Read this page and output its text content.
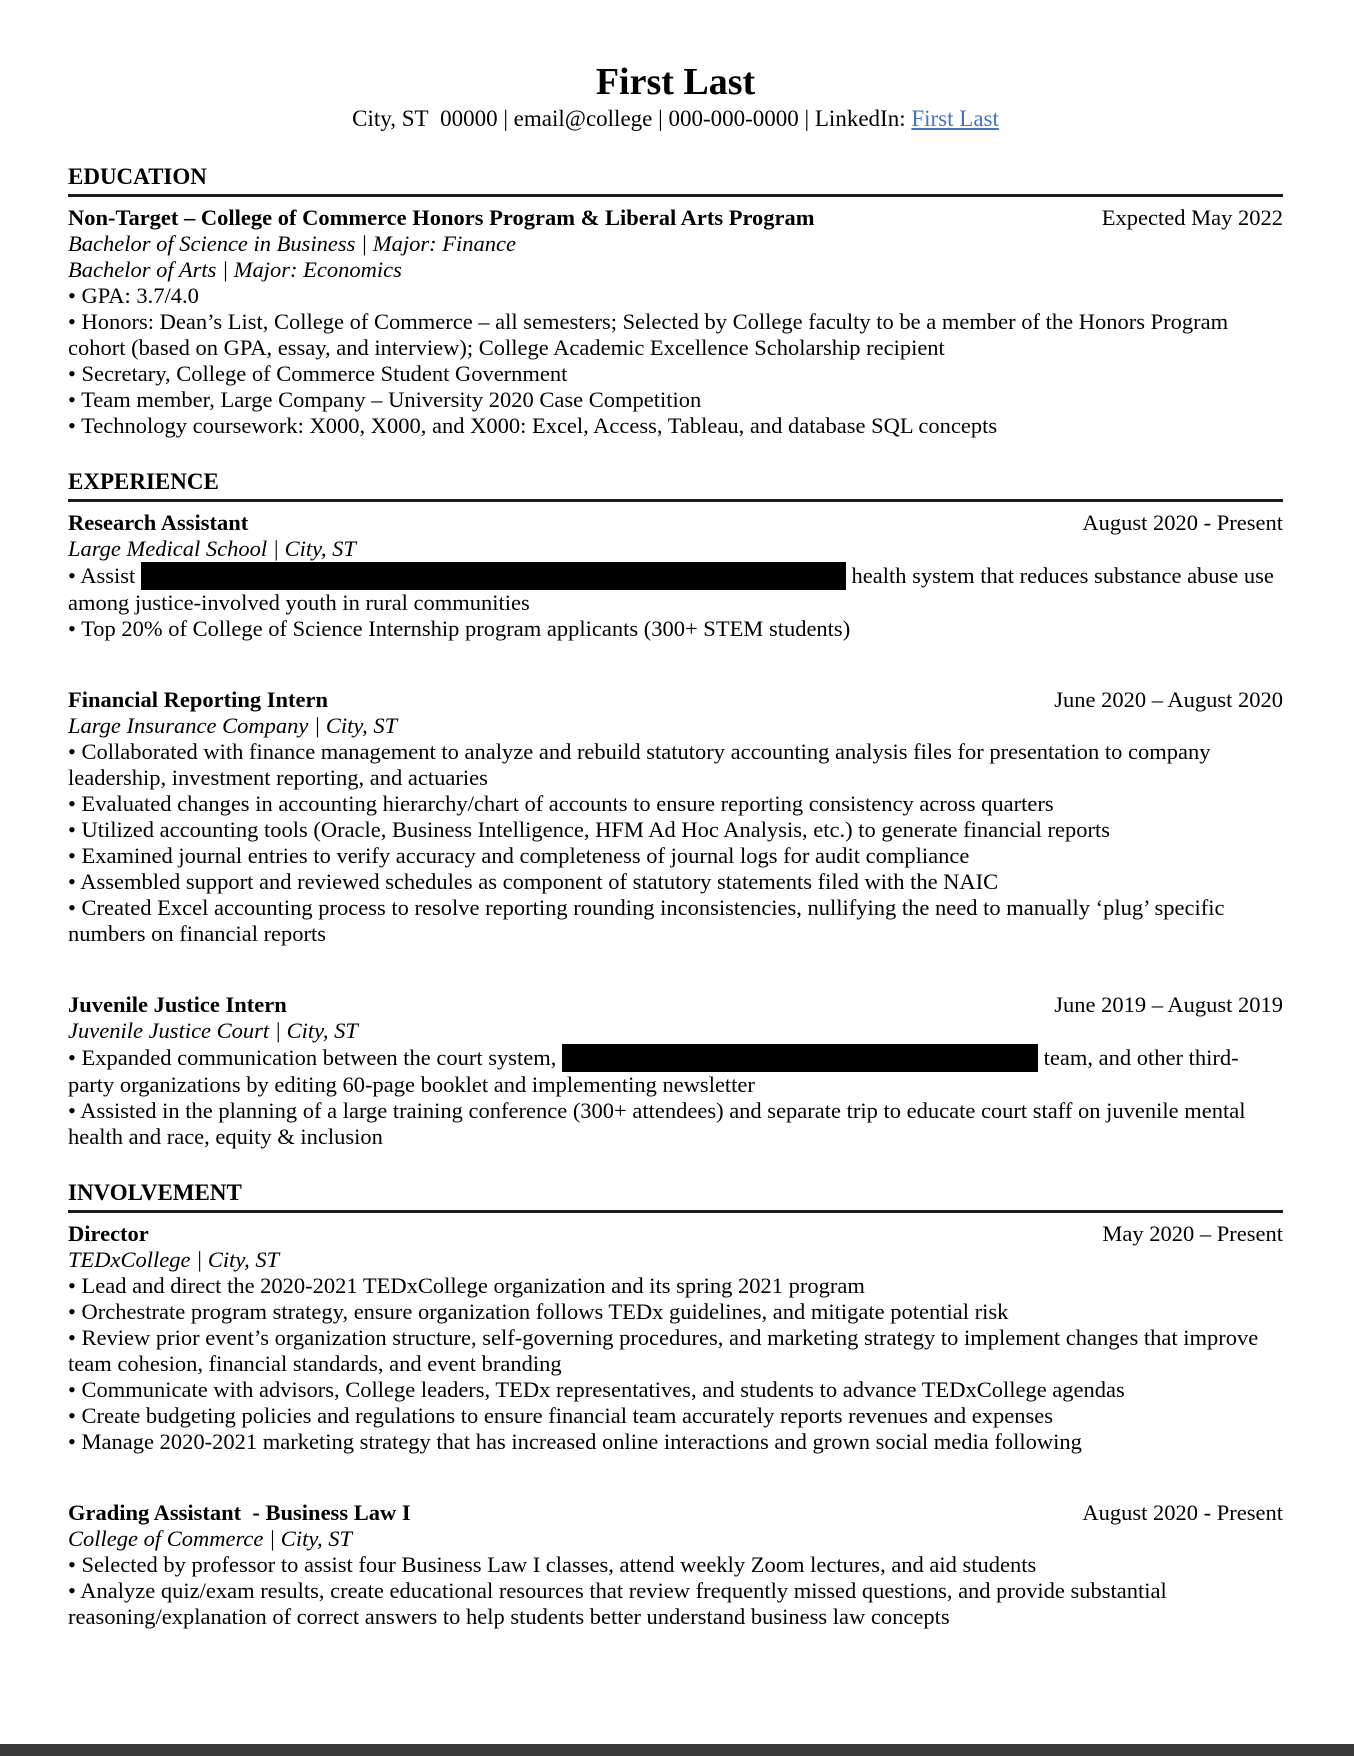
First Last
City, ST  00000 | email@college | 000-000-0000 | LinkedIn: First Last
EDUCATION
Non-Target – College of Commerce Honors Program & Liberal Arts Program	Expected May 2022
Bachelor of Science in Business | Major: Finance
Bachelor of Arts | Major: Economics
• GPA: 3.7/4.0
• Honors: Dean’s List, College of Commerce – all semesters; Selected by College faculty to be a member of the Honors Program cohort (based on GPA, essay, and interview); College Academic Excellence Scholarship recipient
• Secretary, College of Commerce Student Government
• Team member, Large Company – University 2020 Case Competition
• Technology coursework: X000, X000, and X000: Excel, Access, Tableau, and database SQL concepts
EXPERIENCE
Research Assistant	August 2020 - Present
Large Medical School | City, ST
• Assist	health system that reduces substance abuse use among justice-involved youth in rural communities
• Top 20% of College of Science Internship program applicants (300+ STEM students)
Financial Reporting Intern	June 2020 – August 2020
Large Insurance Company | City, ST
• Collaborated with finance management to analyze and rebuild statutory accounting analysis files for presentation to company leadership, investment reporting, and actuaries
• Evaluated changes in accounting hierarchy/chart of accounts to ensure reporting consistency across quarters
• Utilized accounting tools (Oracle, Business Intelligence, HFM Ad Hoc Analysis, etc.) to generate financial reports
• Examined journal entries to verify accuracy and completeness of journal logs for audit compliance
• Assembled support and reviewed schedules as component of statutory statements filed with the NAIC
• Created Excel accounting process to resolve reporting rounding inconsistencies, nullifying the need to manually ‘plug’ specific numbers on financial reports
Juvenile Justice Intern	June 2019 – August 2019
Juvenile Justice Court | City, ST
• Expanded communication between the court system,	team, and other third-party organizations by editing 60-page booklet and implementing newsletter
• Assisted in the planning of a large training conference (300+ attendees) and separate trip to educate court staff on juvenile mental health and race, equity & inclusion
INVOLVEMENT
Director	May 2020 – Present
TEDxCollege | City, ST
• Lead and direct the 2020-2021 TEDxCollege organization and its spring 2021 program
• Orchestrate program strategy, ensure organization follows TEDx guidelines, and mitigate potential risk
• Review prior event’s organization structure, self-governing procedures, and marketing strategy to implement changes that improve team cohesion, financial standards, and event branding
• Communicate with advisors, College leaders, TEDx representatives, and students to advance TEDxCollege agendas
• Create budgeting policies and regulations to ensure financial team accurately reports revenues and expenses
• Manage 2020-2021 marketing strategy that has increased online interactions and grown social media following
Grading Assistant  - Business Law I	August 2020 - Present
College of Commerce | City, ST
• Selected by professor to assist four Business Law I classes, attend weekly Zoom lectures, and aid students
• Analyze quiz/exam results, create educational resources that review frequently missed questions, and provide substantial reasoning/explanation of correct answers to help students better understand business law concepts
